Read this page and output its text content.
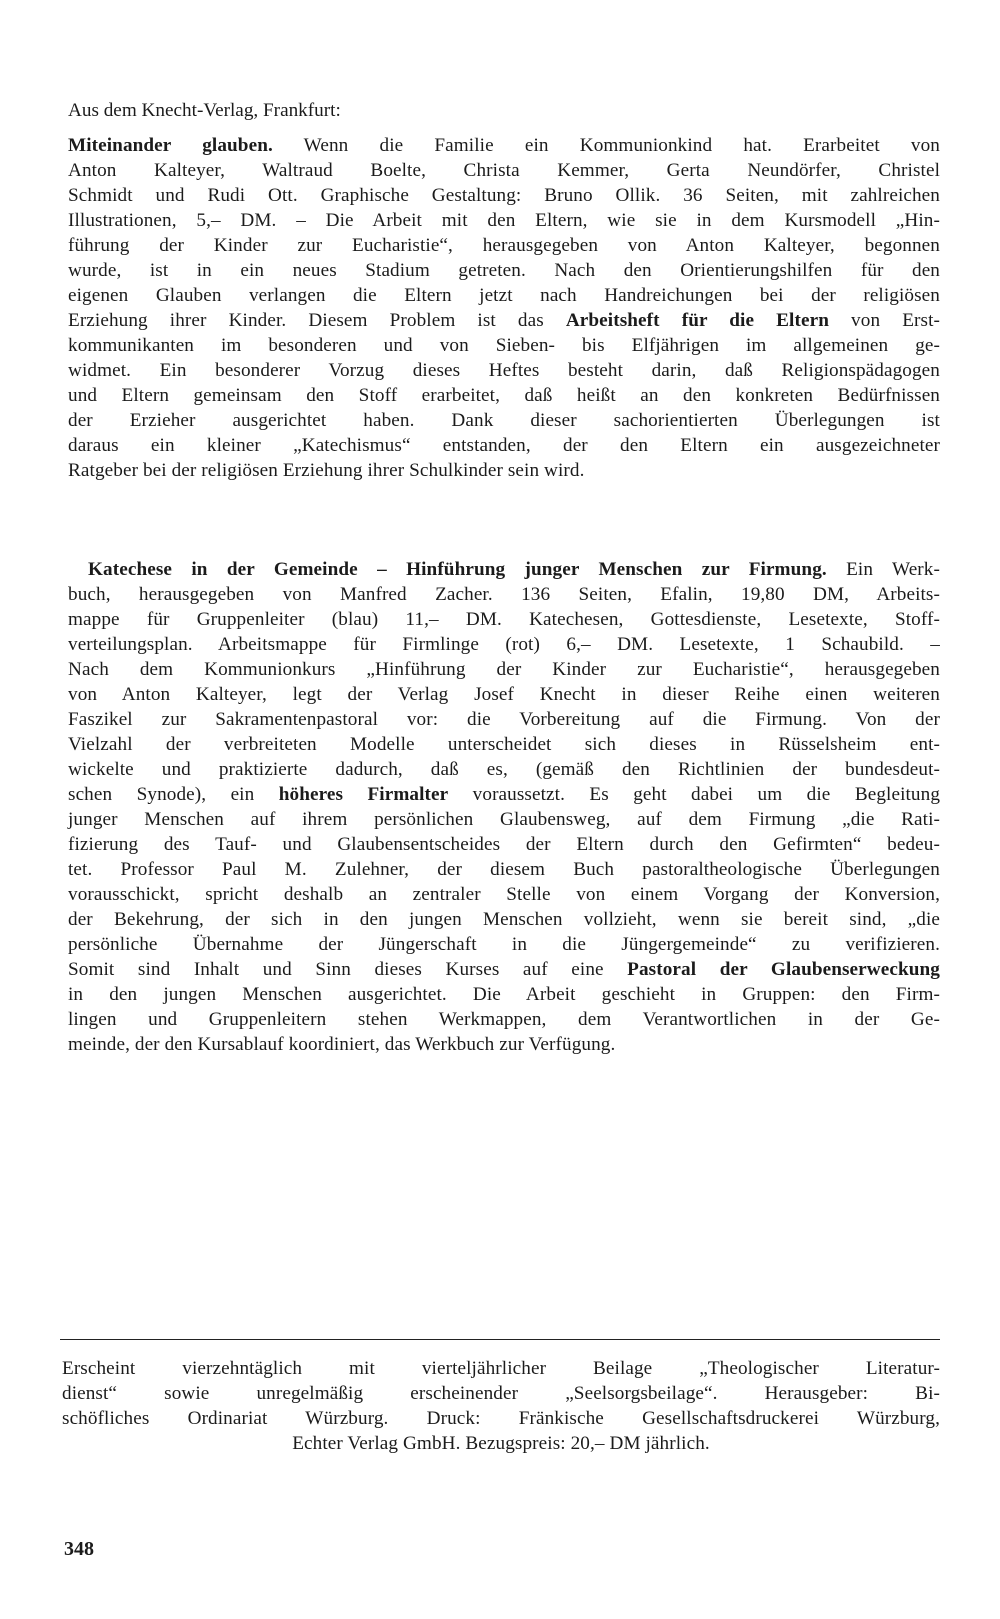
Aus dem Knecht-Verlag, Frankfurt:
Miteinander glauben. Wenn die Familie ein Kommunionkind hat. Erarbeitet von
Anton Kalteyer, Waltraud Boelte, Christa Kemmer, Gerta Neundörfer, Christel
Schmidt und Rudi Ott. Graphische Gestaltung: Bruno Ollik. 36 Seiten, mit zahlreichen
Illustrationen, 5,– DM. – Die Arbeit mit den Eltern, wie sie in dem Kursmodell „Hin-
führung der Kinder zur Eucharistie“, herausgegeben von Anton Kalteyer, begonnen
wurde, ist in ein neues Stadium getreten. Nach den Orientierungshilfen für den
eigenen Glauben verlangen die Eltern jetzt nach Handreichungen bei der religiösen
Erziehung ihrer Kinder. Diesem Problem ist das Arbeitsheft für die Eltern von Erst-
kommunikanten im besonderen und von Sieben- bis Elfjährigen im allgemeinen ge-
widmet. Ein besonderer Vorzug dieses Heftes besteht darin, daß Religionspädagogen
und Eltern gemeinsam den Stoff erarbeitet, daß heißt an den konkreten Bedürfnissen
der Erzieher ausgerichtet haben. Dank dieser sachorientierten Überlegungen ist
daraus ein kleiner „Katechismus“ entstanden, der den Eltern ein ausgezeichneter
Ratgeber bei der religiösen Erziehung ihrer Schulkinder sein wird.
Katechese in der Gemeinde – Hinführung junger Menschen zur Firmung. Ein Werk-
buch, herausgegeben von Manfred Zacher. 136 Seiten, Efalin, 19,80 DM, Arbeits-
mappe für Gruppenleiter (blau) 11,– DM. Katechesen, Gottesdienste, Lesetexte, Stoff-
verteilungsplan. Arbeitsmappe für Firmlinge (rot) 6,– DM. Lesetexte, 1 Schaubild. –
Nach dem Kommunionkurs „Hinführung der Kinder zur Eucharistie“, herausgegeben
von Anton Kalteyer, legt der Verlag Josef Knecht in dieser Reihe einen weiteren
Faszikel zur Sakramentenpastoral vor: die Vorbereitung auf die Firmung. Von der
Vielzahl der verbreiteten Modelle unterscheidet sich dieses in Rüsselsheim ent-
wickelte und praktizierte dadurch, daß es, (gemäß den Richtlinien der bundesdeut-
schen Synode), ein höheres Firmalter voraussetzt. Es geht dabei um die Begleitung
junger Menschen auf ihrem persönlichen Glaubensweg, auf dem Firmung „die Rati-
fizierung des Tauf- und Glaubensentscheides der Eltern durch den Gefirmten“ bedeu-
tet. Professor Paul M. Zulehner, der diesem Buch pastoraltheologische Überlegungen
vorausschickt, spricht deshalb an zentraler Stelle von einem Vorgang der Konversion,
der Bekehrung, der sich in den jungen Menschen vollzieht, wenn sie bereit sind, „die
persönliche Übernahme der Jüngerschaft in die Jüngergemeinde“ zu verifizieren.
Somit sind Inhalt und Sinn dieses Kurses auf eine Pastoral der Glaubenserweckung
in den jungen Menschen ausgerichtet. Die Arbeit geschieht in Gruppen: den Firm-
lingen und Gruppenleitern stehen Werkmappen, dem Verantwortlichen in der Ge-
meinde, der den Kursablauf koordiniert, das Werkbuch zur Verfügung.
Erscheint vierzehntäglich mit vierteljährlicher Beilage „Theologischer Literatur-
dienst“ sowie unregelmäßig erscheinender „Seelsorgsbeilage“. Herausgeber: Bi-
schöfliches Ordinariat Würzburg. Druck: Fränkische Gesellschaftsdruckerei Würzburg,
Echter Verlag GmbH. Bezugspreis: 20,– DM jährlich.
348
